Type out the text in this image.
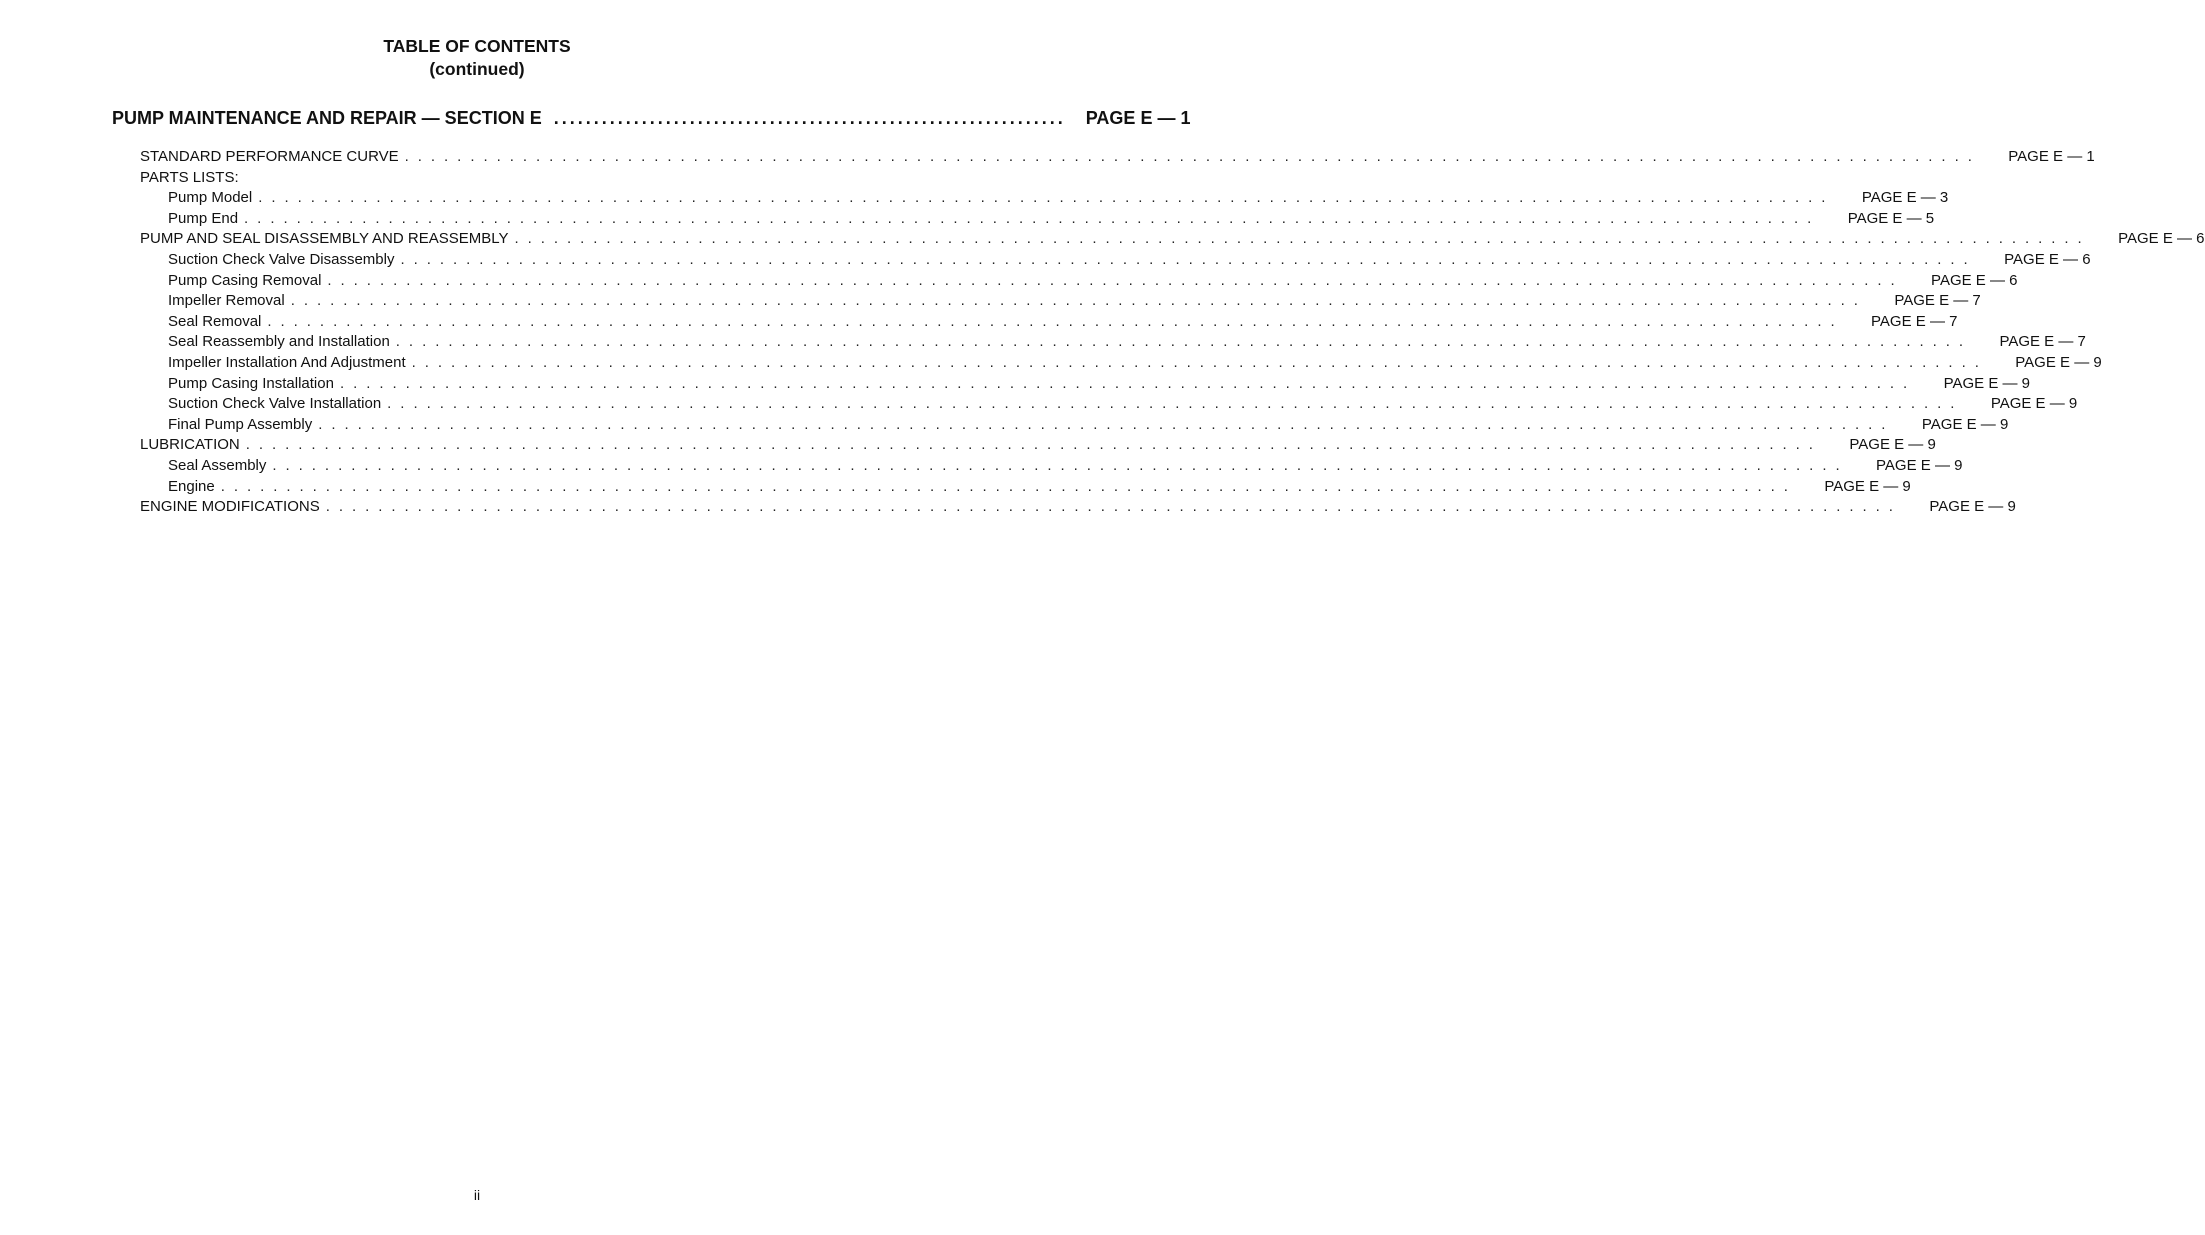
TABLE OF CONTENTS
(continued)
PUMP MAINTENANCE AND REPAIR — SECTION E ................................................................	PAGE E — 1
STANDARD PERFORMANCE CURVE . . . . . . . . . . . . . . . . . . . . . . . . . . . . . . . . . . . . . . . . . . . . . . . . . . . . . . . . . . . . . . . . . . . . . . . . . . . . . . . . . . . . . . . . . . . . . . . . . . . . . . . . . . . . . . . . . . . . . . . . PAGE E — 1
PARTS LISTS:
Pump Model . . . . . . . . . . . . . . . . . . . . . . . . . . . . . . . . . . . . . . . . . . . . . . . . . . . . . . . . . . . . . . . . . . . . . . . . . . . . . . . . . . . . . . . . . . . . . . . . . . . . . . . . . . . . . . . . . . . . . . . . PAGE E — 3
Pump End . . . . . . . . . . . . . . . . . . . . . . . . . . . . . . . . . . . . . . . . . . . . . . . . . . . . . . . . . . . . . . . . . . . . . . . . . . . . . . . . . . . . . . . . . . . . . . . . . . . . . . . . . . . . . . . . . . . . . . . . PAGE E — 5
PUMP AND SEAL DISASSEMBLY AND REASSEMBLY . . . . . . . . . . . . . . . . . . . . . . . . . . . . . . . . . . . . . . . . . . . . . . . . . . . . . . . . . . . . . . . . . . . . . . . . . . . . . . . . . . . . . . . . . . . . . . . . . . . . . . . . . . . . . . . . . . . . . . . . PAGE E — 6
Suction Check Valve Disassembly . . . . . . . . . . . . . . . . . . . . . . . . . . . . . . . . . . . . . . . . . . . . . . . . . . . . . . . . . . . . . . . . . . . . . . . . . . . . . . . . . . . . . . . . . . . . . . . . . . . . . . . . . . . . . . . . . . . . . . . . PAGE E — 6
Pump Casing Removal . . . . . . . . . . . . . . . . . . . . . . . . . . . . . . . . . . . . . . . . . . . . . . . . . . . . . . . . . . . . . . . . . . . . . . . . . . . . . . . . . . . . . . . . . . . . . . . . . . . . . . . . . . . . . . . . . . . . . . . . PAGE E — 6
Impeller Removal . . . . . . . . . . . . . . . . . . . . . . . . . . . . . . . . . . . . . . . . . . . . . . . . . . . . . . . . . . . . . . . . . . . . . . . . . . . . . . . . . . . . . . . . . . . . . . . . . . . . . . . . . . . . . . . . . . . . . . . . PAGE E — 7
Seal Removal . . . . . . . . . . . . . . . . . . . . . . . . . . . . . . . . . . . . . . . . . . . . . . . . . . . . . . . . . . . . . . . . . . . . . . . . . . . . . . . . . . . . . . . . . . . . . . . . . . . . . . . . . . . . . . . . . . . . . . . . PAGE E — 7
Seal Reassembly and Installation . . . . . . . . . . . . . . . . . . . . . . . . . . . . . . . . . . . . . . . . . . . . . . . . . . . . . . . . . . . . . . . . . . . . . . . . . . . . . . . . . . . . . . . . . . . . . . . . . . . . . . . . . . . . . . . . . . . . . . . . PAGE E — 7
Impeller Installation And Adjustment . . . . . . . . . . . . . . . . . . . . . . . . . . . . . . . . . . . . . . . . . . . . . . . . . . . . . . . . . . . . . . . . . . . . . . . . . . . . . . . . . . . . . . . . . . . . . . . . . . . . . . . . . . . . . . . . . . . . . . . . PAGE E — 9
Pump Casing Installation . . . . . . . . . . . . . . . . . . . . . . . . . . . . . . . . . . . . . . . . . . . . . . . . . . . . . . . . . . . . . . . . . . . . . . . . . . . . . . . . . . . . . . . . . . . . . . . . . . . . . . . . . . . . . . . . . . . . . . . . PAGE E — 9
Suction Check Valve Installation . . . . . . . . . . . . . . . . . . . . . . . . . . . . . . . . . . . . . . . . . . . . . . . . . . . . . . . . . . . . . . . . . . . . . . . . . . . . . . . . . . . . . . . . . . . . . . . . . . . . . . . . . . . . . . . . . . . . . . . . PAGE E — 9
Final Pump Assembly . . . . . . . . . . . . . . . . . . . . . . . . . . . . . . . . . . . . . . . . . . . . . . . . . . . . . . . . . . . . . . . . . . . . . . . . . . . . . . . . . . . . . . . . . . . . . . . . . . . . . . . . . . . . . . . . . . . . . . . . PAGE E — 9
LUBRICATION . . . . . . . . . . . . . . . . . . . . . . . . . . . . . . . . . . . . . . . . . . . . . . . . . . . . . . . . . . . . . . . . . . . . . . . . . . . . . . . . . . . . . . . . . . . . . . . . . . . . . . . . . . . . . . . . . . . . . . . . PAGE E — 9
Seal Assembly . . . . . . . . . . . . . . . . . . . . . . . . . . . . . . . . . . . . . . . . . . . . . . . . . . . . . . . . . . . . . . . . . . . . . . . . . . . . . . . . . . . . . . . . . . . . . . . . . . . . . . . . . . . . . . . . . . . . . . . . PAGE E — 9
Engine . . . . . . . . . . . . . . . . . . . . . . . . . . . . . . . . . . . . . . . . . . . . . . . . . . . . . . . . . . . . . . . . . . . . . . . . . . . . . . . . . . . . . . . . . . . . . . . . . . . . . . . . . . . . . . . . . . . . . . . . PAGE E — 9
ENGINE MODIFICATIONS . . . . . . . . . . . . . . . . . . . . . . . . . . . . . . . . . . . . . . . . . . . . . . . . . . . . . . . . . . . . . . . . . . . . . . . . . . . . . . . . . . . . . . . . . . . . . . . . . . . . . . . . . . . . . . . . . . . . . . . . PAGE E — 9
ii
